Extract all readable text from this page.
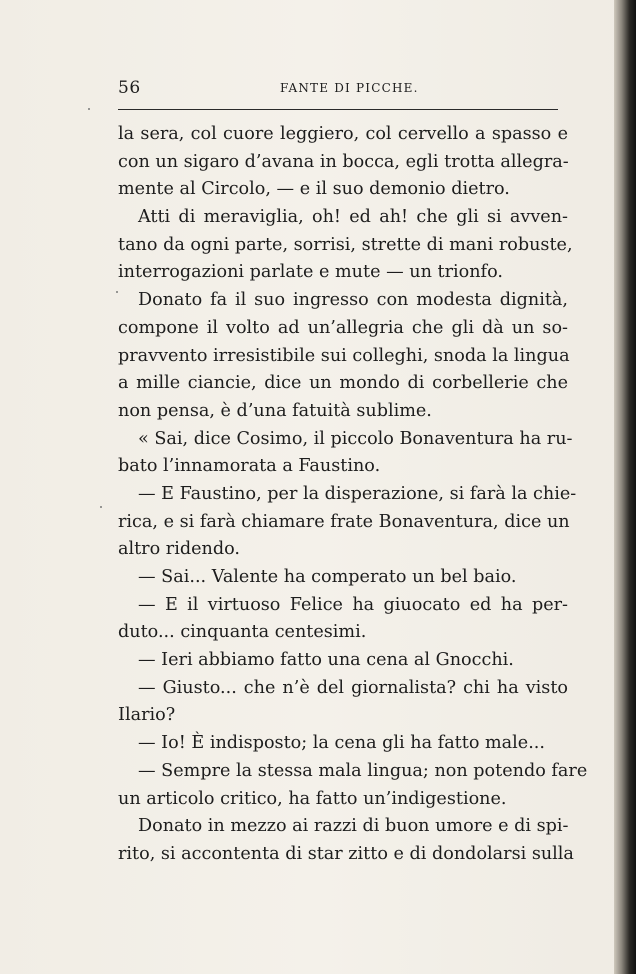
56	FANTE DI PICCHE.
la sera, col cuore leggiero, col cervello a spasso e
con un sigaro d’avana in bocca, egli trotta allegra-
mente al Circolo, — e il suo demonio dietro.
Atti di meraviglia, oh! ed ah! che gli si avven-
tano da ogni parte, sorrisi, strette di mani robuste,
interrogazioni parlate e mute — un trionfo.
Donato fa il suo ingresso con modesta dignità,
compone il volto ad un’allegria che gli dà un so-
pravvento irresistibile sui colleghi, snoda la lingua
a mille ciancie, dice un mondo di corbellerie che
non pensa, è d’una fatuità sublime.
« Sai, dice Cosimo, il piccolo Bonaventura ha ru-
bato l’innamorata a Faustino.
— E Faustino, per la disperazione, si farà la chie-
rica, e si farà chiamare frate Bonaventura, dice un
altro ridendo.
— Sai... Valente ha comperato un bel baio.
— E il virtuoso Felice ha giuocato ed ha per-
duto... cinquanta centesimi.
— Ieri abbiamo fatto una cena al Gnocchi.
— Giusto... che n’è del giornalista? chi ha visto
Ilario?
— Io! È indisposto; la cena gli ha fatto male...
— Sempre la stessa mala lingua; non potendo fare
un articolo critico, ha fatto un’indigestione.
Donato in mezzo ai razzi di buon umore e di spi-
rito, si accontenta di star zitto e di dondolarsi sulla
